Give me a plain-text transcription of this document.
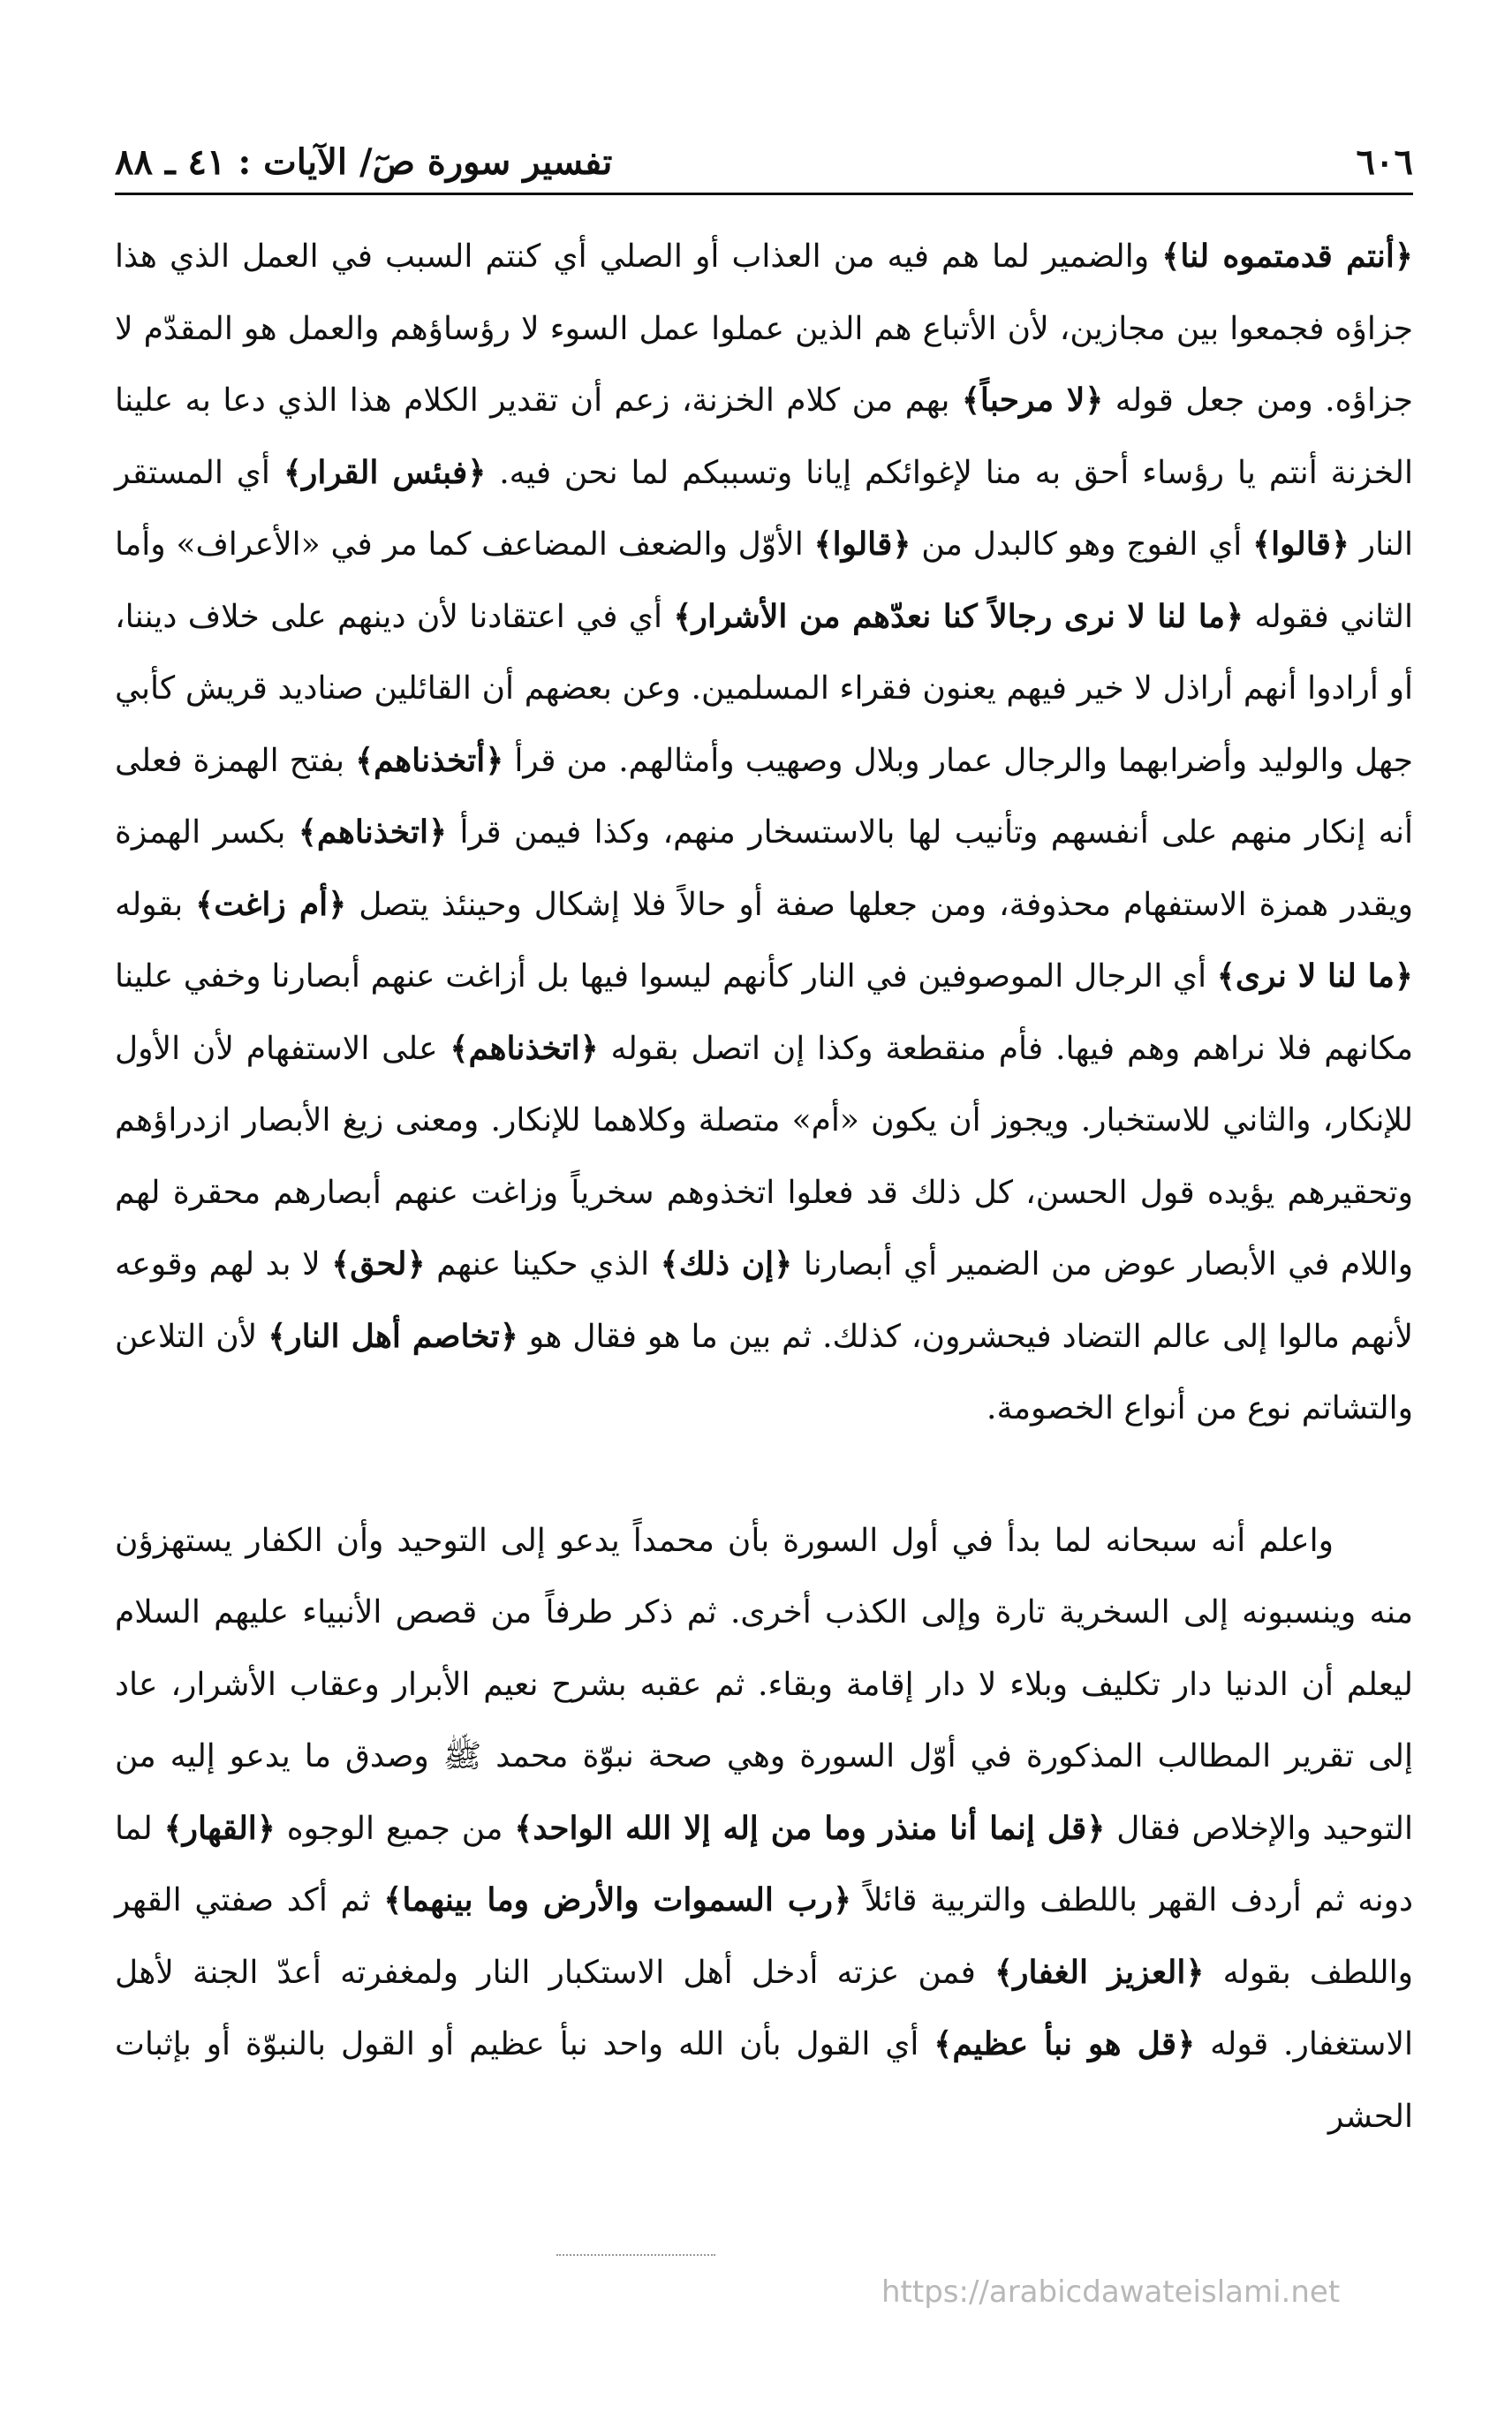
٦٠٦
تفسير سورة صٓ/ الآيات : ٤١ ـ ٨٨

﴿أنتم قدمتموه لنا﴾ والضمير لما هم فيه من العذاب أو الصلي أي كنتم السبب في العمل الذي هذا جزاؤه فجمعوا بين مجازين، لأن الأتباع هم الذين عملوا عمل السوء لا رؤساؤهم والعمل هو المقدّم لا جزاؤه. ومن جعل قوله ﴿لا مرحباً﴾ بهم من كلام الخزنة، زعم أن تقدير الكلام هذا الذي دعا به علينا الخزنة أنتم يا رؤساء أحق به منا لإغوائكم إيانا وتسببكم لما نحن فيه. ﴿فبئس القرار﴾ أي المستقر النار ﴿قالوا﴾ أي الفوج وهو كالبدل من ﴿قالوا﴾ الأوّل والضعف المضاعف كما مر في «الأعراف» وأما الثاني فقوله ﴿ما لنا لا نرى رجالاً كنا نعدّهم من الأشرار﴾ أي في اعتقادنا لأن دينهم على خلاف ديننا، أو أرادوا أنهم أراذل لا خير فيهم يعنون فقراء المسلمين. وعن بعضهم أن القائلين صناديد قريش كأبي جهل والوليد وأضرابهما والرجال عمار وبلال وصهيب وأمثالهم. من قرأ ﴿أتخذناهم﴾ بفتح الهمزة فعلى أنه إنكار منهم على أنفسهم وتأنيب لها بالاستسخار منهم، وكذا فيمن قرأ ﴿اتخذناهم﴾ بكسر الهمزة ويقدر همزة الاستفهام محذوفة، ومن جعلها صفة أو حالاً فلا إشكال وحينئذ يتصل ﴿أم زاغت﴾ بقوله ﴿ما لنا لا نرى﴾ أي الرجال الموصوفين في النار كأنهم ليسوا فيها بل أزاغت عنهم أبصارنا وخفي علينا مكانهم فلا نراهم وهم فيها. فأم منقطعة وكذا إن اتصل بقوله ﴿اتخذناهم﴾ على الاستفهام لأن الأول للإنكار، والثاني للاستخبار. ويجوز أن يكون «أم» متصلة وكلاهما للإنكار. ومعنى زيغ الأبصار ازدراؤهم وتحقيرهم يؤيده قول الحسن، كل ذلك قد فعلوا اتخذوهم سخرياً وزاغت عنهم أبصارهم محقرة لهم واللام في الأبصار عوض من الضمير أي أبصارنا ﴿إن ذلك﴾ الذي حكينا عنهم ﴿لحق﴾ لا بد لهم وقوعه لأنهم مالوا إلى عالم التضاد فيحشرون، كذلك. ثم بين ما هو فقال هو ﴿تخاصم أهل النار﴾ لأن التلاعن والتشاتم نوع من أنواع الخصومة.

واعلم أنه سبحانه لما بدأ في أول السورة بأن محمداً يدعو إلى التوحيد وأن الكفار يستهزؤن منه وينسبونه إلى السخرية تارة وإلى الكذب أخرى. ثم ذكر طرفاً من قصص الأنبياء عليهم السلام ليعلم أن الدنيا دار تكليف وبلاء لا دار إقامة وبقاء. ثم عقبه بشرح نعيم الأبرار وعقاب الأشرار، عاد إلى تقرير المطالب المذكورة في أوّل السورة وهي صحة نبوّة محمد ﷺ وصدق ما يدعو إليه من التوحيد والإخلاص فقال ﴿قل إنما أنا منذر وما من إله إلا الله الواحد﴾ من جميع الوجوه ﴿القهار﴾ لما دونه ثم أردف القهر باللطف والتربية قائلاً ﴿رب السموات والأرض وما بينهما﴾ ثم أكد صفتي القهر واللطف بقوله ﴿العزيز الغفار﴾ فمن عزته أدخل أهل الاستكبار النار ولمغفرته أعدّ الجنة لأهل الاستغفار. قوله ﴿قل هو نبأ عظيم﴾ أي القول بأن الله واحد نبأ عظيم أو القول بالنبوّة أو بإثبات الحشر

https://arabicdawateislami.net
